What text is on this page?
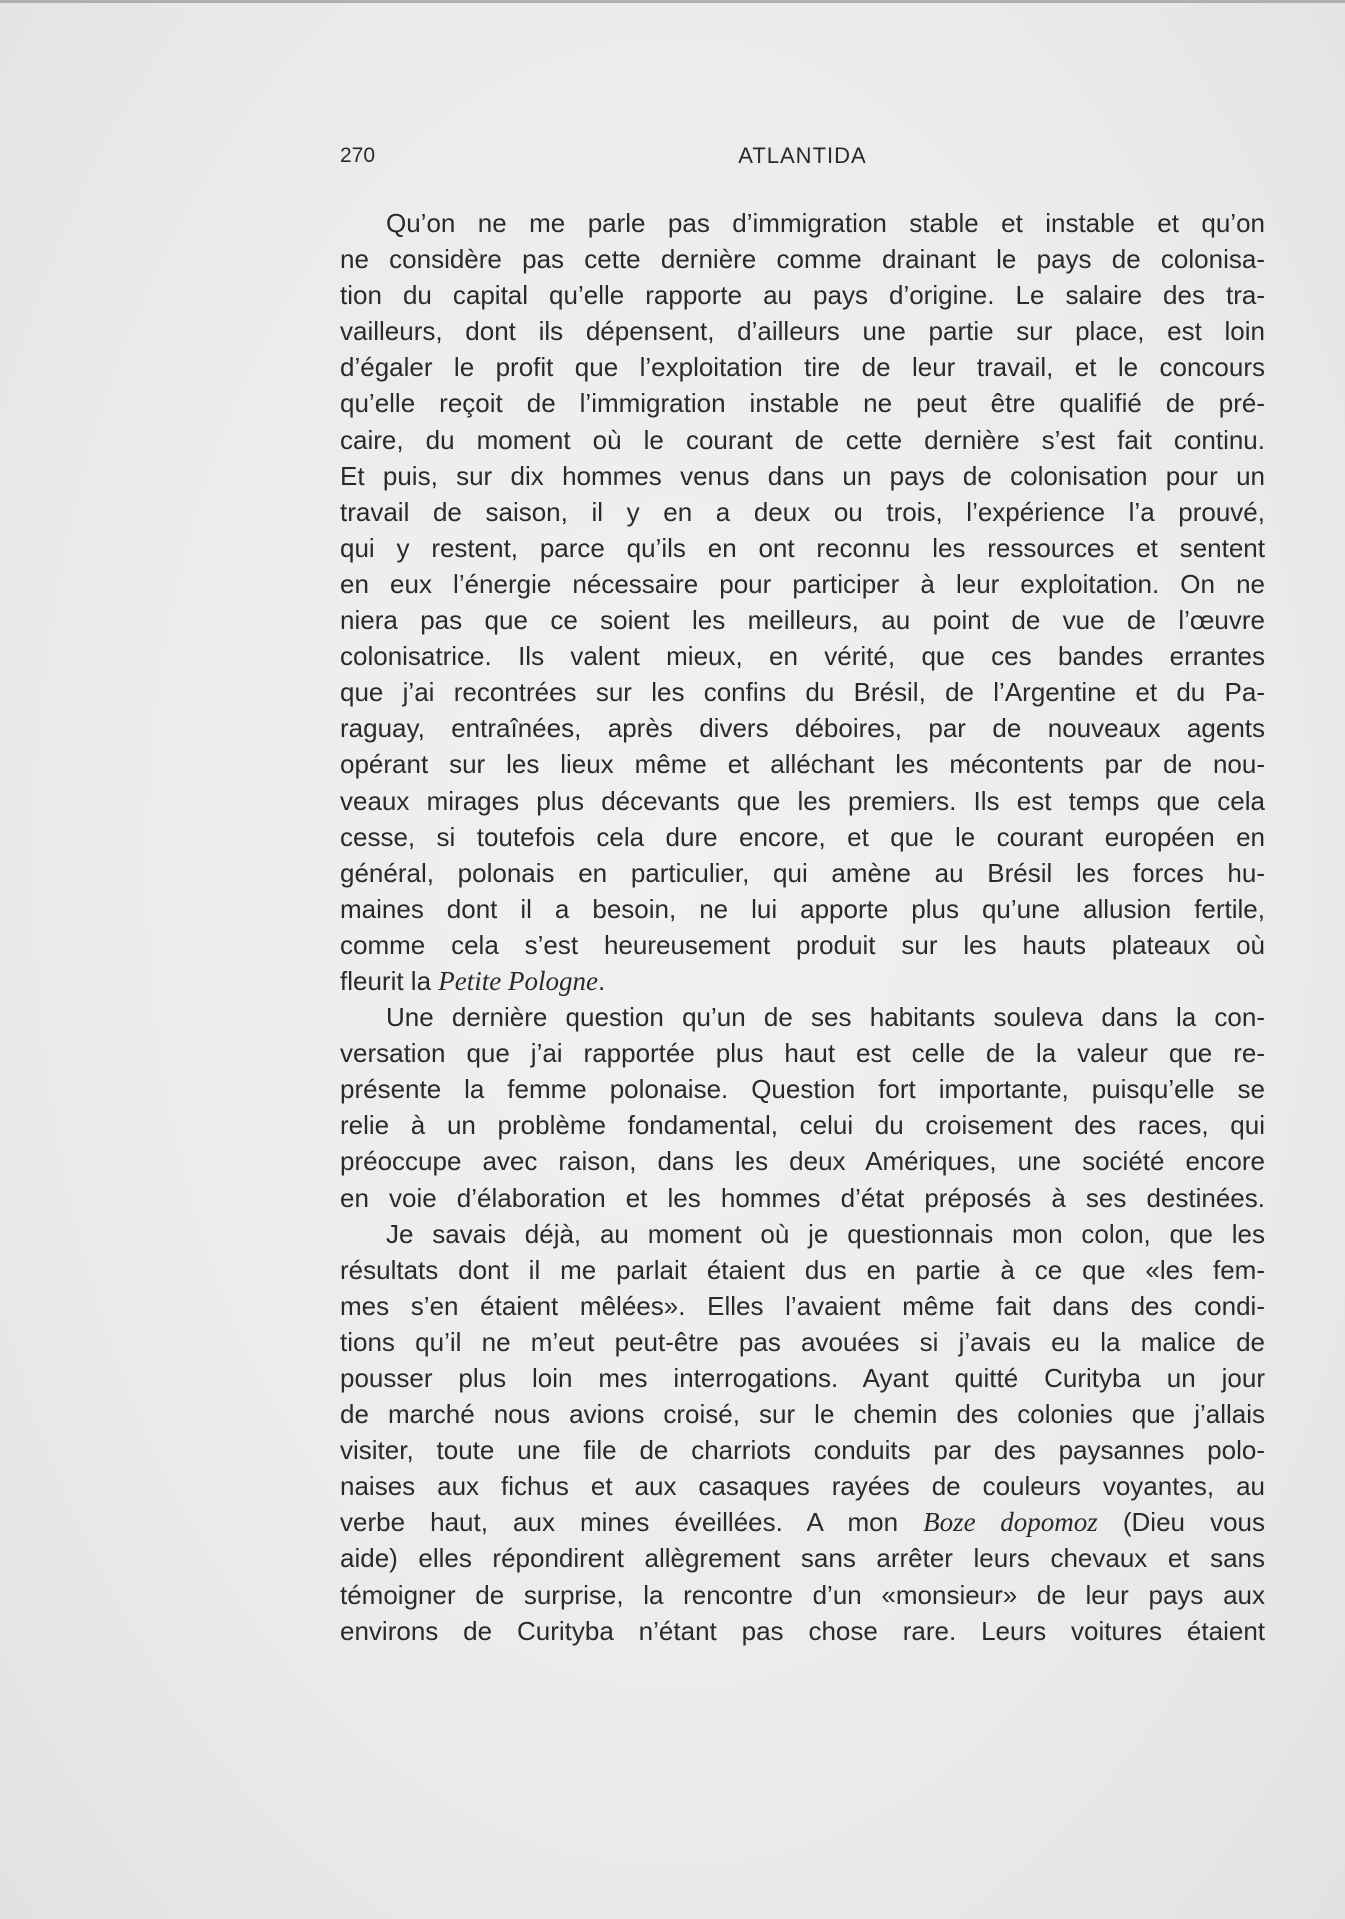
270	ATLANTIDA
Qu’on ne me parle pas d’immigration stable et instable et qu’on
ne considère pas cette dernière comme drainant le pays de colonisa-
tion du capital qu’elle rapporte au pays d’origine. Le salaire des tra-
vailleurs, dont ils dépensent, d’ailleurs une partie sur place, est loin
d’égaler le profit que l’exploitation tire de leur travail, et le concours
qu’elle reçoit de l’immigration instable ne peut être qualifié de pré-
caire, du moment où le courant de cette dernière s’est fait continu.
Et puis, sur dix hommes venus dans un pays de colonisation pour un
travail de saison, il y en a deux ou trois, l’expérience l’a prouvé,
qui y restent, parce qu’ils en ont reconnu les ressources et sentent
en eux l’énergie nécessaire pour participer à leur exploitation. On ne
niera pas que ce soient les meilleurs, au point de vue de l’œuvre
colonisatrice. Ils valent mieux, en vérité, que ces bandes errantes
que j’ai recontrées sur les confins du Brésil, de l’Argentine et du Pa-
raguay, entraînées, après divers déboires, par de nouveaux agents
opérant sur les lieux même et alléchant les mécontents par de nou-
veaux mirages plus décevants que les premiers. Ils est temps que cela
cesse, si toutefois cela dure encore, et que le courant européen en
général, polonais en particulier, qui amène au Brésil les forces hu-
maines dont il a besoin, ne lui apporte plus qu’une allusion fertile,
comme cela s’est heureusement produit sur les hauts plateaux où
fleurit la Petite Pologne.
Une dernière question qu’un de ses habitants souleva dans la con-
versation que j’ai rapportée plus haut est celle de la valeur que re-
présente la femme polonaise. Question fort importante, puisqu’elle se
relie à un problème fondamental, celui du croisement des races, qui
préoccupe avec raison, dans les deux Amériques, une société encore
en voie d’élaboration et les hommes d’état préposés à ses destinées.
Je savais déjà, au moment où je questionnais mon colon, que les
résultats dont il me parlait étaient dus en partie à ce que «les fem-
mes s’en étaient mêlées». Elles l’avaient même fait dans des condi-
tions qu’il ne m’eut peut-être pas avouées si j’avais eu la malice de
pousser plus loin mes interrogations. Ayant quitté Curityba un jour
de marché nous avions croisé, sur le chemin des colonies que j’allais
visiter, toute une file de charriots conduits par des paysannes polo-
naises aux fichus et aux casaques rayées de couleurs voyantes, au
verbe haut, aux mines éveillées. A mon Boze dopomoz (Dieu vous
aide) elles répondirent allègrement sans arrêter leurs chevaux et sans
témoigner de surprise, la rencontre d’un «monsieur» de leur pays aux
environs de Curityba n’étant pas chose rare. Leurs voitures étaient
